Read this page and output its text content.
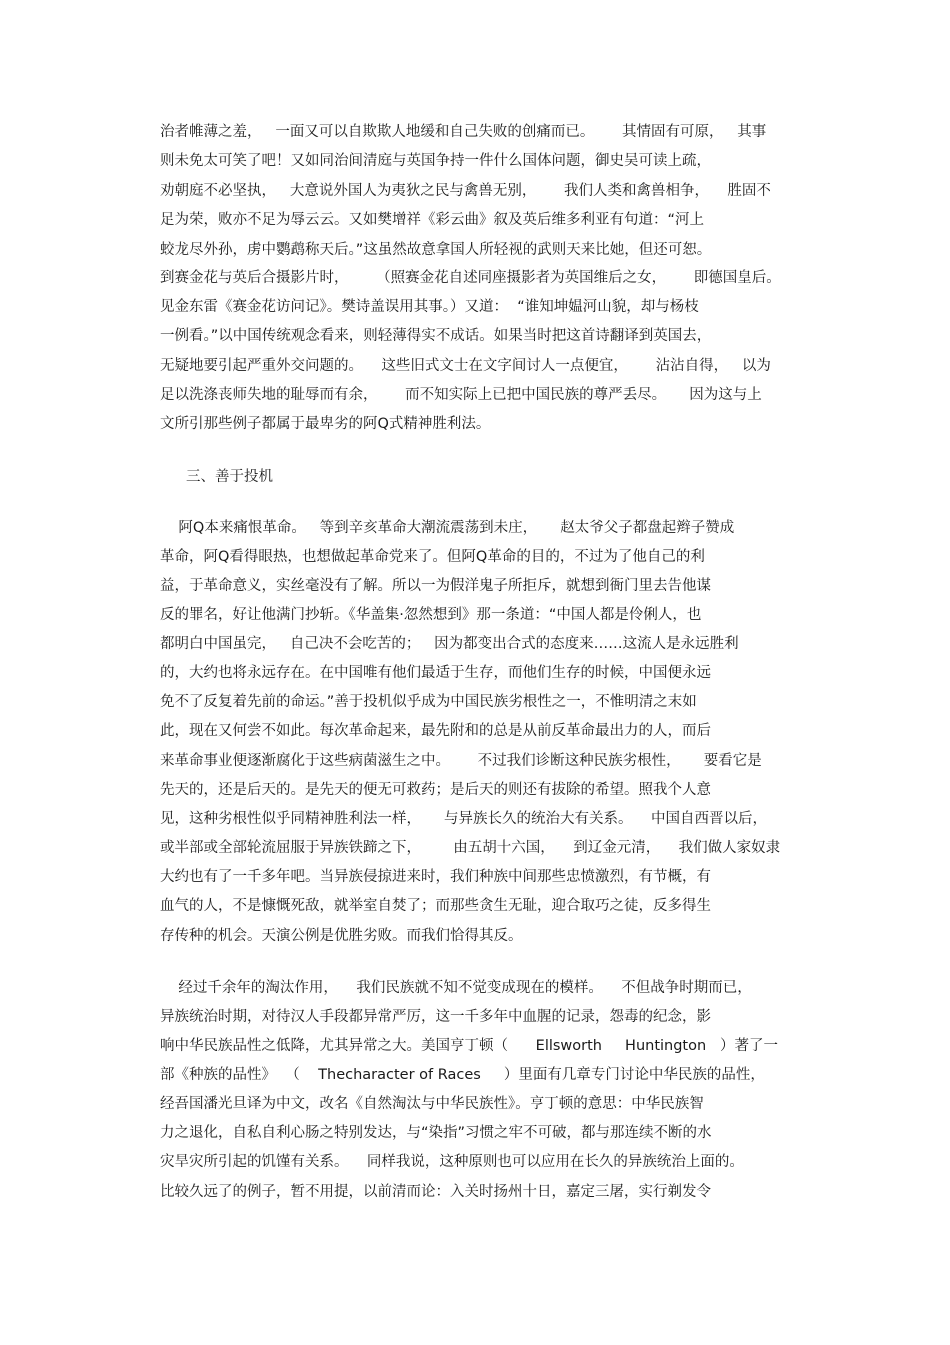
治者帷薄之羞，   一面又可以自欺欺人地缓和自己失败的创痛而已。      其情固有可原，   其事
则未免太可笑了吧！又如同治间清庭与英国争持一件什么国体问题，御史吴可读上疏，
劝朝庭不必坚执，   大意说外国人为夷狄之民与禽兽无别，      我们人类和禽兽相争，    胜固不
足为荣，败亦不足为辱云云。又如樊增祥《彩云曲》叙及英后维多利亚有句道：“河上
蛟龙尽外孙，虏中鹦鹉称天后。”这虽然故意拿国人所轻视的武则天来比她，但还可恕。
到赛金花与英后合摄影片时，      （照赛金花自述同座摄影者为英国维后之女，      即德国皇后。
见金东雷《赛金花访问记》。樊诗盖误用其事。）又道：  “谁知坤媪河山貌，却与杨枝
一例看。”以中国传统观念看来，则轻薄得实不成话。如果当时把这首诗翻译到英国去，
无疑地要引起严重外交问题的。    这些旧式文士在文字间讨人一点便宜，      沾沾自得，   以为
足以洗涤丧师失地的耻辱而有余，      而不知实际上已把中国民族的尊严丢尽。     因为这与上
文所引那些例子都属于最卑劣的阿Q式精神胜利法。
三、善于投机
阿Q本来痛恨革命。   等到辛亥革命大潮流震荡到未庄，     赵太爷父子都盘起辫子赞成
革命，阿Q看得眼热，也想做起革命党来了。但阿Q革命的目的，不过为了他自己的利
益，于革命意义，实丝毫没有了解。所以一为假洋鬼子所拒斥，就想到衙门里去告他谋
反的罪名，好让他满门抄斩。《华盖集·忽然想到》那一条道：“中国人都是伶俐人，也
都明白中国虽完，   自己决不会吃苦的；   因为都变出合式的态度来……这流人是永远胜利
的，大约也将永远存在。在中国唯有他们最适于生存，而他们生存的时候，中国便永远
免不了反复着先前的命运。”善于投机似乎成为中国民族劣根性之一，不惟明清之末如
此，现在又何尝不如此。每次革命起来，最先附和的总是从前反革命最出力的人，而后
来革命事业便逐渐腐化于这些病菌滋生之中。      不过我们诊断这种民族劣根性，     要看它是
先天的，还是后天的。是先天的便无可救药；是后天的则还有拔除的希望。照我个人意
见，这种劣根性似乎同精神胜利法一样，     与异族长久的统治大有关系。    中国自西晋以后，
或半部或全部轮流屈服于异族铁蹄之下，       由五胡十六国，    到辽金元清，    我们做人家奴隶
大约也有了一千多年吧。当异族侵掠进来时，我们种族中间那些忠愤激烈，有节概，有
血气的人，不是慷慨死敌，就举室自焚了；而那些贪生无耻，迎合取巧之徒，反多得生
存传种的机会。天演公例是优胜劣败。而我们恰得其反。
经过千余年的淘汰作用，    我们民族就不知不觉变成现在的模样。    不但战争时期而已，
异族统治时期，对待汉人手段都异常严厉，这一千多年中血腥的记录，怨毒的纪念，影
响中华民族品性之低降，尤其异常之大。美国亨丁顿（      Ellsworth     Huntington   ）著了一
部《种族的品性》  （    Thecharacter of Races     ）里面有几章专门讨论中华民族的品性，
经吾国潘光旦译为中文，改名《自然淘汰与中华民族性》。亨丁顿的意思：中华民族智
力之退化，自私自利心肠之特别发达，与“染指”习惯之牢不可破，都与那连续不断的水
灾旱灾所引起的饥馑有关系。    同样我说，这种原则也可以应用在长久的异族统治上面的。
比较久远了的例子，暂不用提，以前清而论：入关时扬州十日，嘉定三屠，实行剃发令
